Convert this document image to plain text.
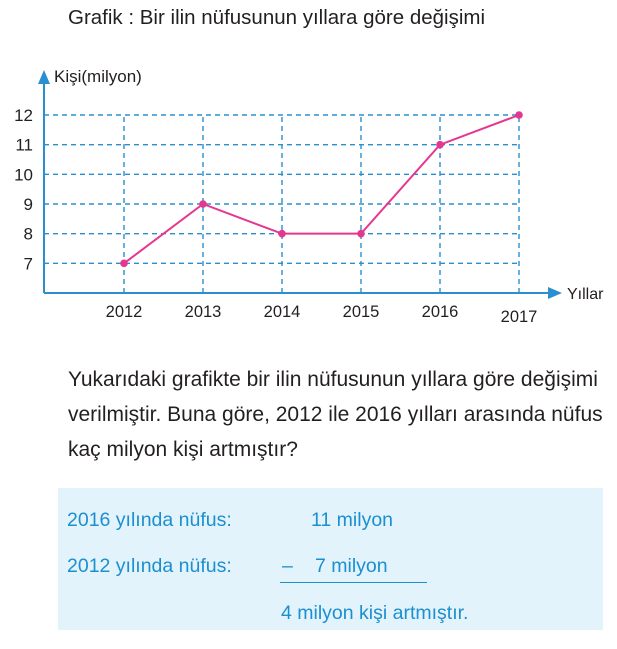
Grafik : Bir ilin nüfusunun yıllara göre değişimi
Kişi(milyon)
Yıllar
7
8
9
10
11
12
2012	2013	2014	2015	2016	2017

Yukarıdaki grafikte bir ilin nüfusunun yıllara göre değişimi verilmiştir. Buna göre, 2012 ile 2016 yılları arasında nüfus kaç milyon kişi artmıştır?

2016 yılında nüfus:	11 milyon
2012 yılında nüfus:	– 7 milyon
4 milyon kişi artmıştır.
